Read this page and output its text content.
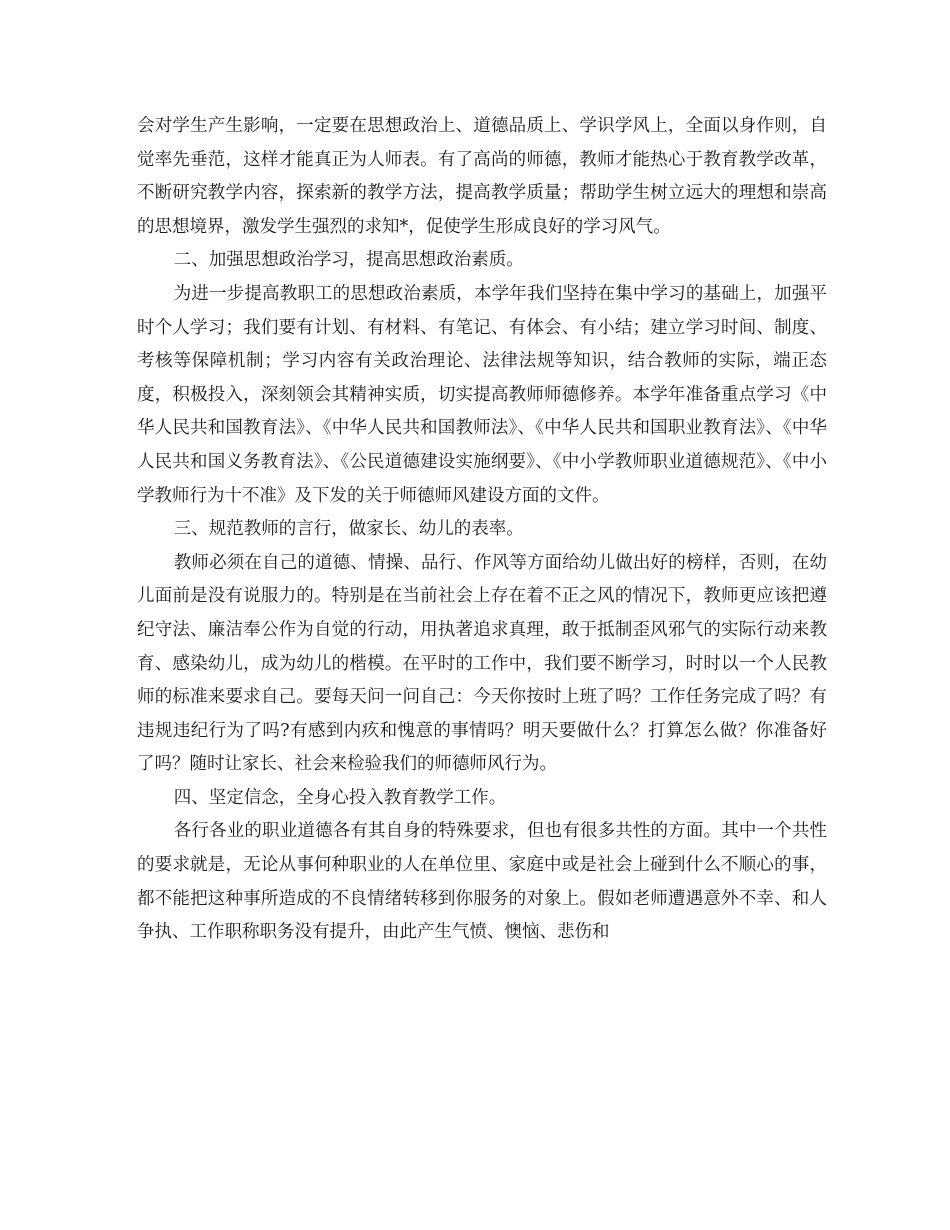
会对学生产生影响，一定要在思想政治上、道德品质上、学识学风上，全面以身作则，自觉率先垂范，这样才能真正为人师表。有了高尚的师德，教师才能热心于教育教学改革，不断研究教学内容，探索新的教学方法，提高教学质量；帮助学生树立远大的理想和崇高的思想境界，激发学生强烈的求知*，促使学生形成良好的学习风气。

二、加强思想政治学习，提高思想政治素质。

为进一步提高教职工的思想政治素质，本学年我们坚持在集中学习的基础上，加强平时个人学习；我们要有计划、有材料、有笔记、有体会、有小结；建立学习时间、制度、考核等保障机制；学习内容有关政治理论、法律法规等知识，结合教师的实际，端正态度，积极投入，深刻领会其精神实质，切实提高教师师德修养。本学年准备重点学习《中华人民共和国教育法》、《中华人民共和国教师法》、《中华人民共和国职业教育法》、《中华人民共和国义务教育法》、《公民道德建设实施纲要》、《中小学教师职业道德规范》、《中小学教师行为十不准》及下发的关于师德师风建设方面的文件。

三、规范教师的言行，做家长、幼儿的表率。

教师必须在自己的道德、情操、品行、作风等方面给幼儿做出好的榜样，否则，在幼儿面前是没有说服力的。特别是在当前社会上存在着不正之风的情况下，教师更应该把遵纪守法、廉洁奉公作为自觉的行动，用执著追求真理，敢于抵制歪风邪气的实际行动来教育、感染幼儿，成为幼儿的楷模。在平时的工作中，我们要不断学习，时时以一个人民教师的标准来要求自己。要每天问一问自己：今天你按时上班了吗？工作任务完成了吗？有违规违纪行为了吗?有感到内疚和愧意的事情吗？明天要做什么？打算怎么做？你准备好了吗？随时让家长、社会来检验我们的师德师风行为。

四、坚定信念，全身心投入教育教学工作。

各行各业的职业道德各有其自身的特殊要求，但也有很多共性的方面。其中一个共性的要求就是，无论从事何种职业的人在单位里、家庭中或是社会上碰到什么不顺心的事，都不能把这种事所造成的不良情绪转移到你服务的对象上。假如老师遭遇意外不幸、和人争执、工作职称职务没有提升，由此产生气愤、懊恼、悲伤和
